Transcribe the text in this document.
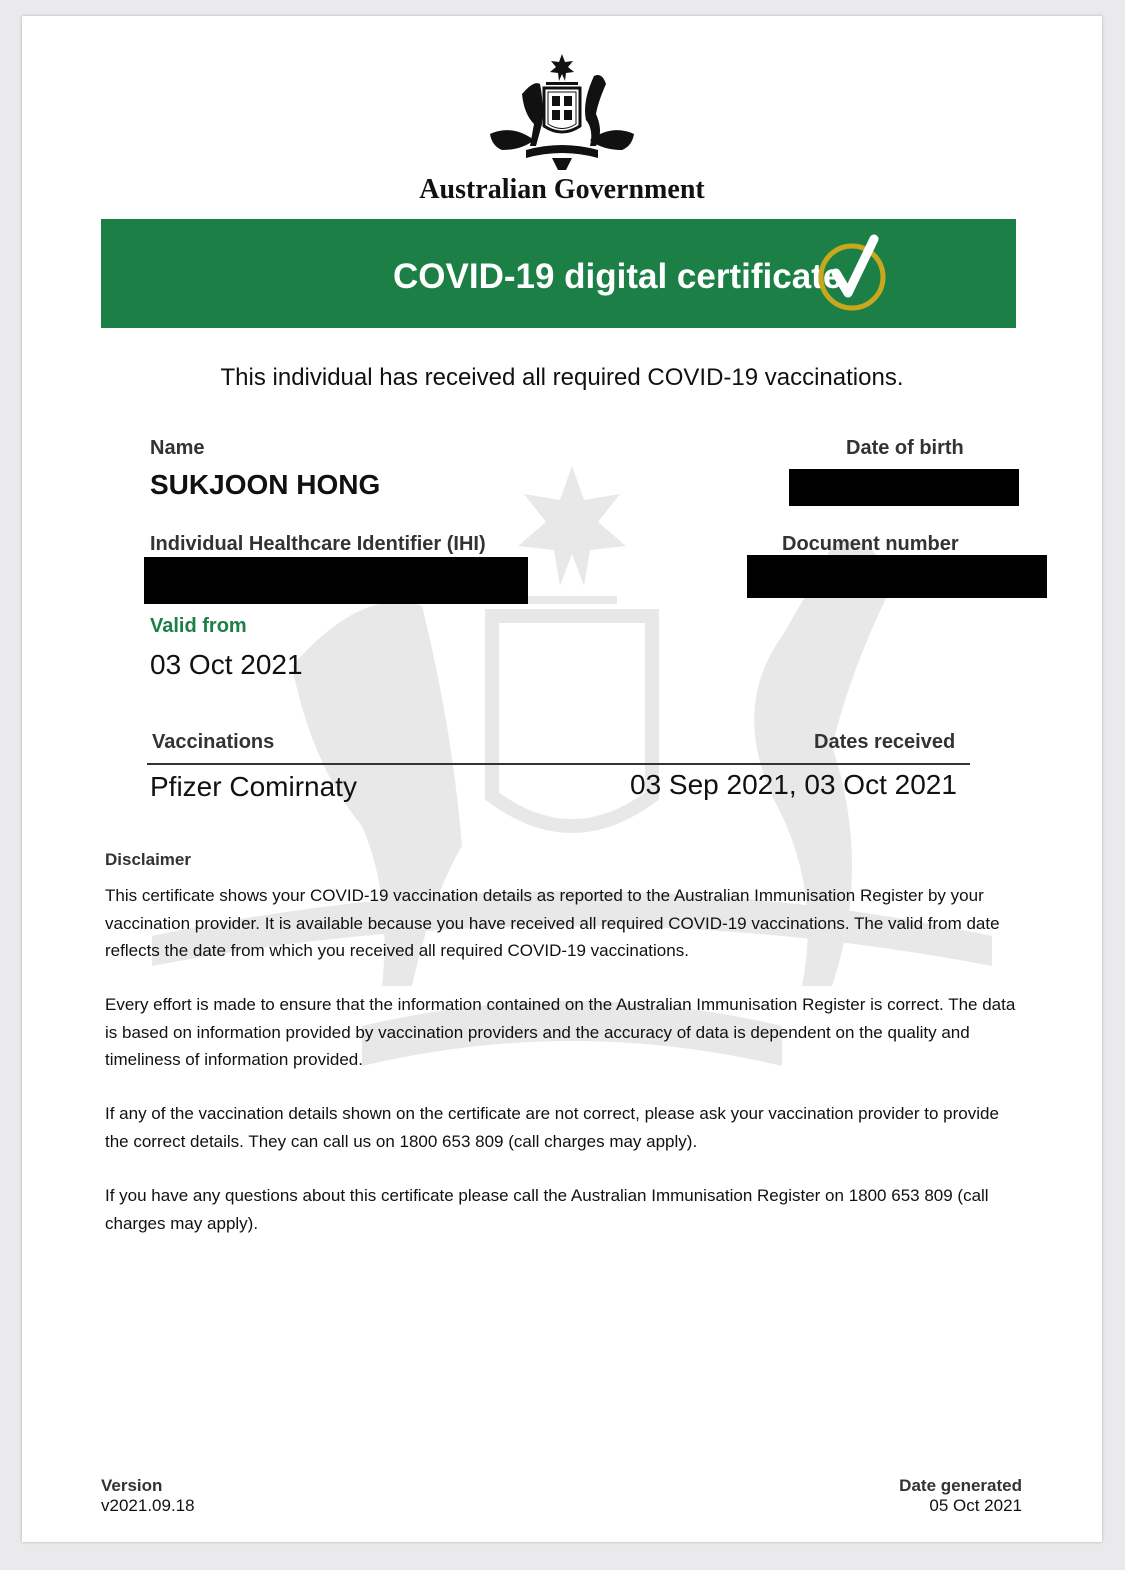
Australian Government
COVID-19 digital certificate
This individual has received all required COVID-19 vaccinations.
Name
SUKJOON HONG
Date of birth
Individual Healthcare Identifier (IHI)	Document number
Valid from
03 Oct 2021
Vaccinations	Dates received
Pfizer Comirnaty	03 Sep 2021, 03 Oct 2021
Disclaimer
This certificate shows your COVID-19 vaccination details as reported to the Australian Immunisation Register by your vaccination provider. It is available because you have received all required COVID-19 vaccinations. The valid from date reflects the date from which you received all required COVID-19 vaccinations.
Every effort is made to ensure that the information contained on the Australian Immunisation Register is correct. The data is based on information provided by vaccination providers and the accuracy of data is dependent on the quality and timeliness of information provided.
If any of the vaccination details shown on the certificate are not correct, please ask your vaccination provider to provide the correct details. They can call us on 1800 653 809 (call charges may apply).
If you have any questions about this certificate please call the Australian Immunisation Register on 1800 653 809 (call charges may apply).
Version
v2021.09.18
Date generated
05 Oct 2021
